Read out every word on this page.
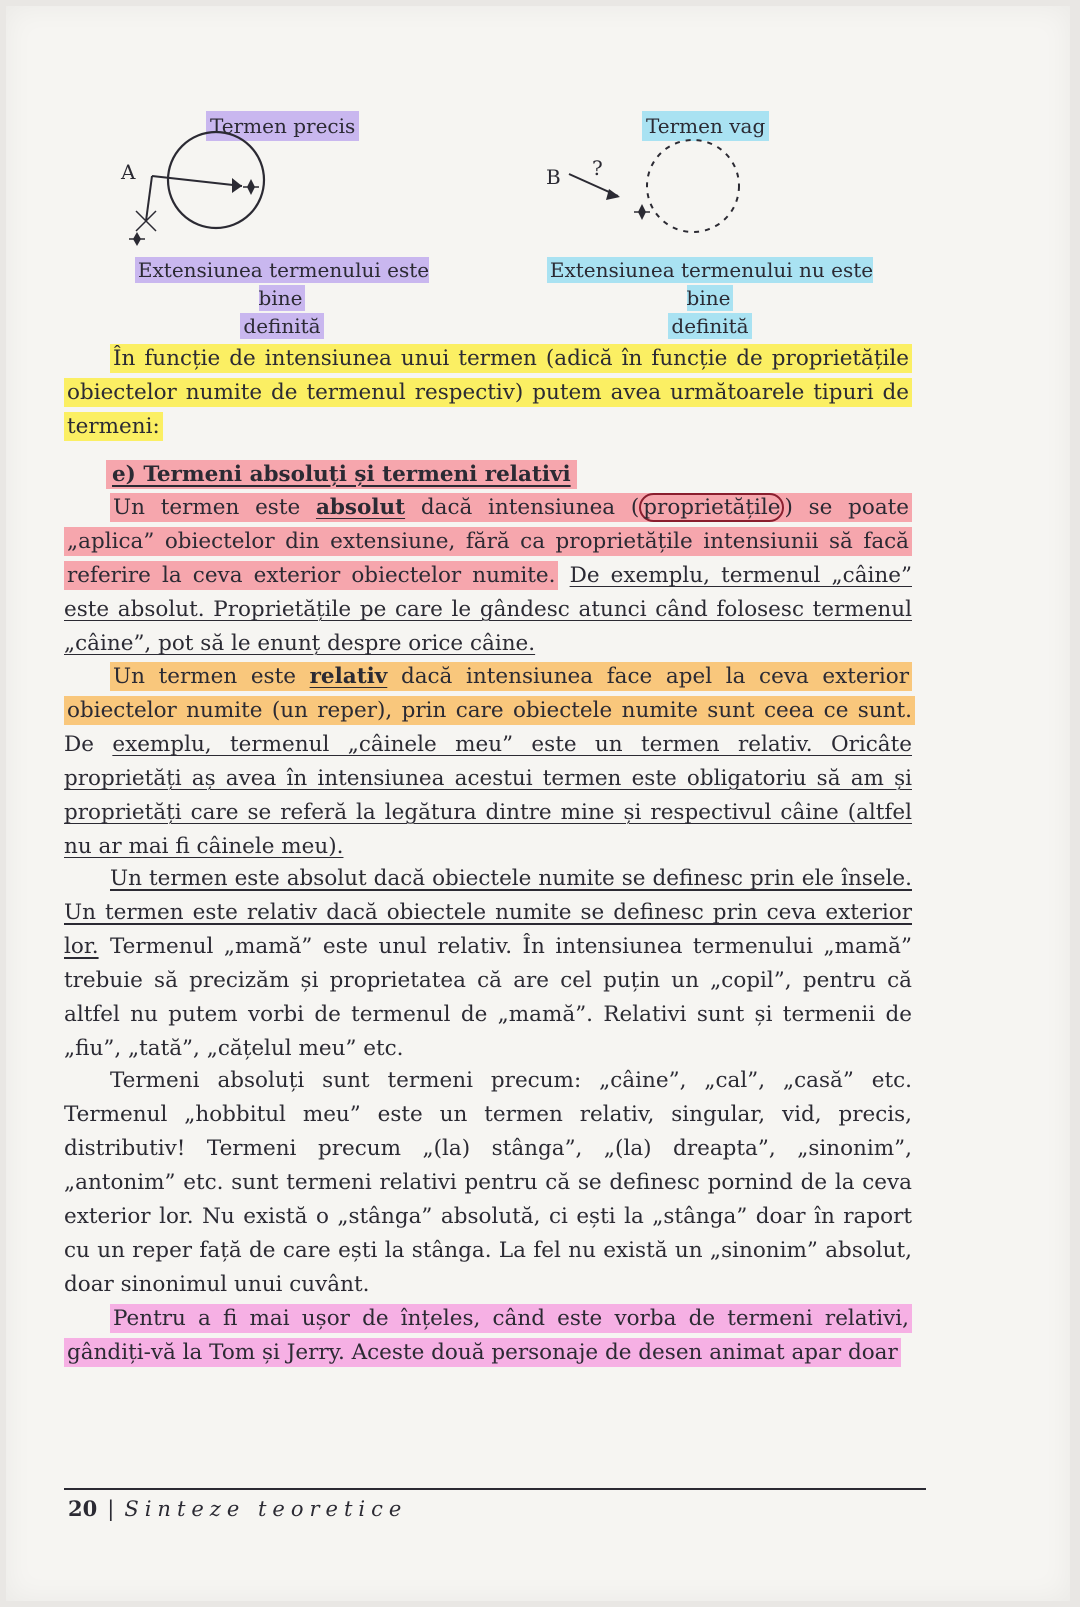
Termen precis	Termen vag
A	B ?
Extensiunea termenului este bine
definită
Extensiunea termenului nu este bine
definită
În funcție de intensiunea unui termen (adică în funcție de proprietățile obiectelor numite de termenul respectiv) putem avea următoarele tipuri de termeni:
e) Termeni absoluți și termeni relativi
Un termen este absolut dacă intensiunea ( proprietățile ) se poate „aplica” obiectelor din extensiune, fără ca proprietățile intensiunii să facă referire la ceva exterior obiectelor numite. De exemplu, termenul „câine” este absolut. Proprietățile pe care le gândesc atunci când folosesc termenul „câine”, pot să le enunț despre orice câine.
Un termen este relativ dacă intensiunea face apel la ceva exterior obiectelor numite (un reper), prin care obiectele numite sunt ceea ce sunt. De exemplu, termenul „câinele meu” este un termen relativ. Oricâte proprietăți aș avea în intensiunea acestui termen este obligatoriu să am și proprietăți care se referă la legătura dintre mine și respectivul câine (altfel nu ar mai fi câinele meu).
Un termen este absolut dacă obiectele numite se definesc prin ele însele. Un termen este relativ dacă obiectele numite se definesc prin ceva exterior lor. Termenul „mamă” este unul relativ. În intensiunea termenului „mamă” trebuie să precizăm și proprietatea că are cel puțin un „copil”, pentru că altfel nu putem vorbi de termenul de „mamă”. Relativi sunt și termenii de „fiu”, „tată”, „cățelul meu” etc.
Termeni absoluți sunt termeni precum: „câine”, „cal”, „casă” etc. Termenul „hobbitul meu” este un termen relativ, singular, vid, precis, distributiv! Termeni precum „(la) stânga”, „(la) dreapta”, „sinonim”, „antonim” etc. sunt termeni relativi pentru că se definesc pornind de la ceva exterior lor. Nu există o „stânga” absolută, ci ești la „stânga” doar în raport cu un reper față de care ești la stânga. La fel nu există un „sinonim” absolut, doar sinonimul unui cuvânt.
Pentru a fi mai ușor de înțeles, când este vorba de termeni relativi, gândiți-vă la Tom și Jerry. Aceste două personaje de desen animat apar doar
20 | Sinteze teoretice
